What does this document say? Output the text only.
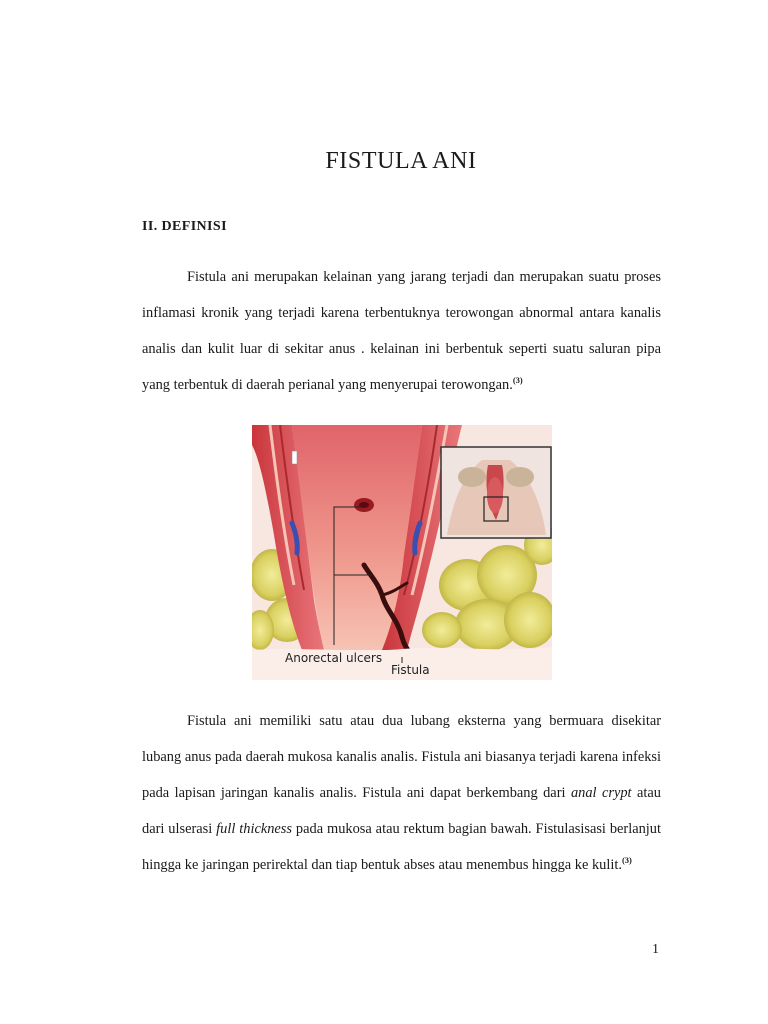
FISTULA ANI
II. DEFINISI

Fistula ani merupakan kelainan yang jarang terjadi dan merupakan suatu proses inflamasi kronik yang terjadi karena terbentuknya terowongan abnormal antara kanalis analis dan kulit luar di sekitar anus . kelainan ini berbentuk seperti suatu saluran pipa yang terbentuk di daerah perianal yang menyerupai terowongan.$^{(3)}$

Anorectal ulcers
Fistula

Fistula ani memiliki satu atau dua lubang eksterna yang bermuara disekitar lubang anus pada daerah mukosa kanalis analis. Fistula ani biasanya terjadi karena infeksi pada lapisan jaringan kanalis analis. Fistula ani dapat berkembang dari anal crypt atau dari ulserasi full thickness pada mukosa atau rektum bagian bawah. Fistulasisasi berlanjut hingga ke jaringan perirektal dan tiap bentuk abses atau menembus hingga ke kulit.$^{(3)}$

1
